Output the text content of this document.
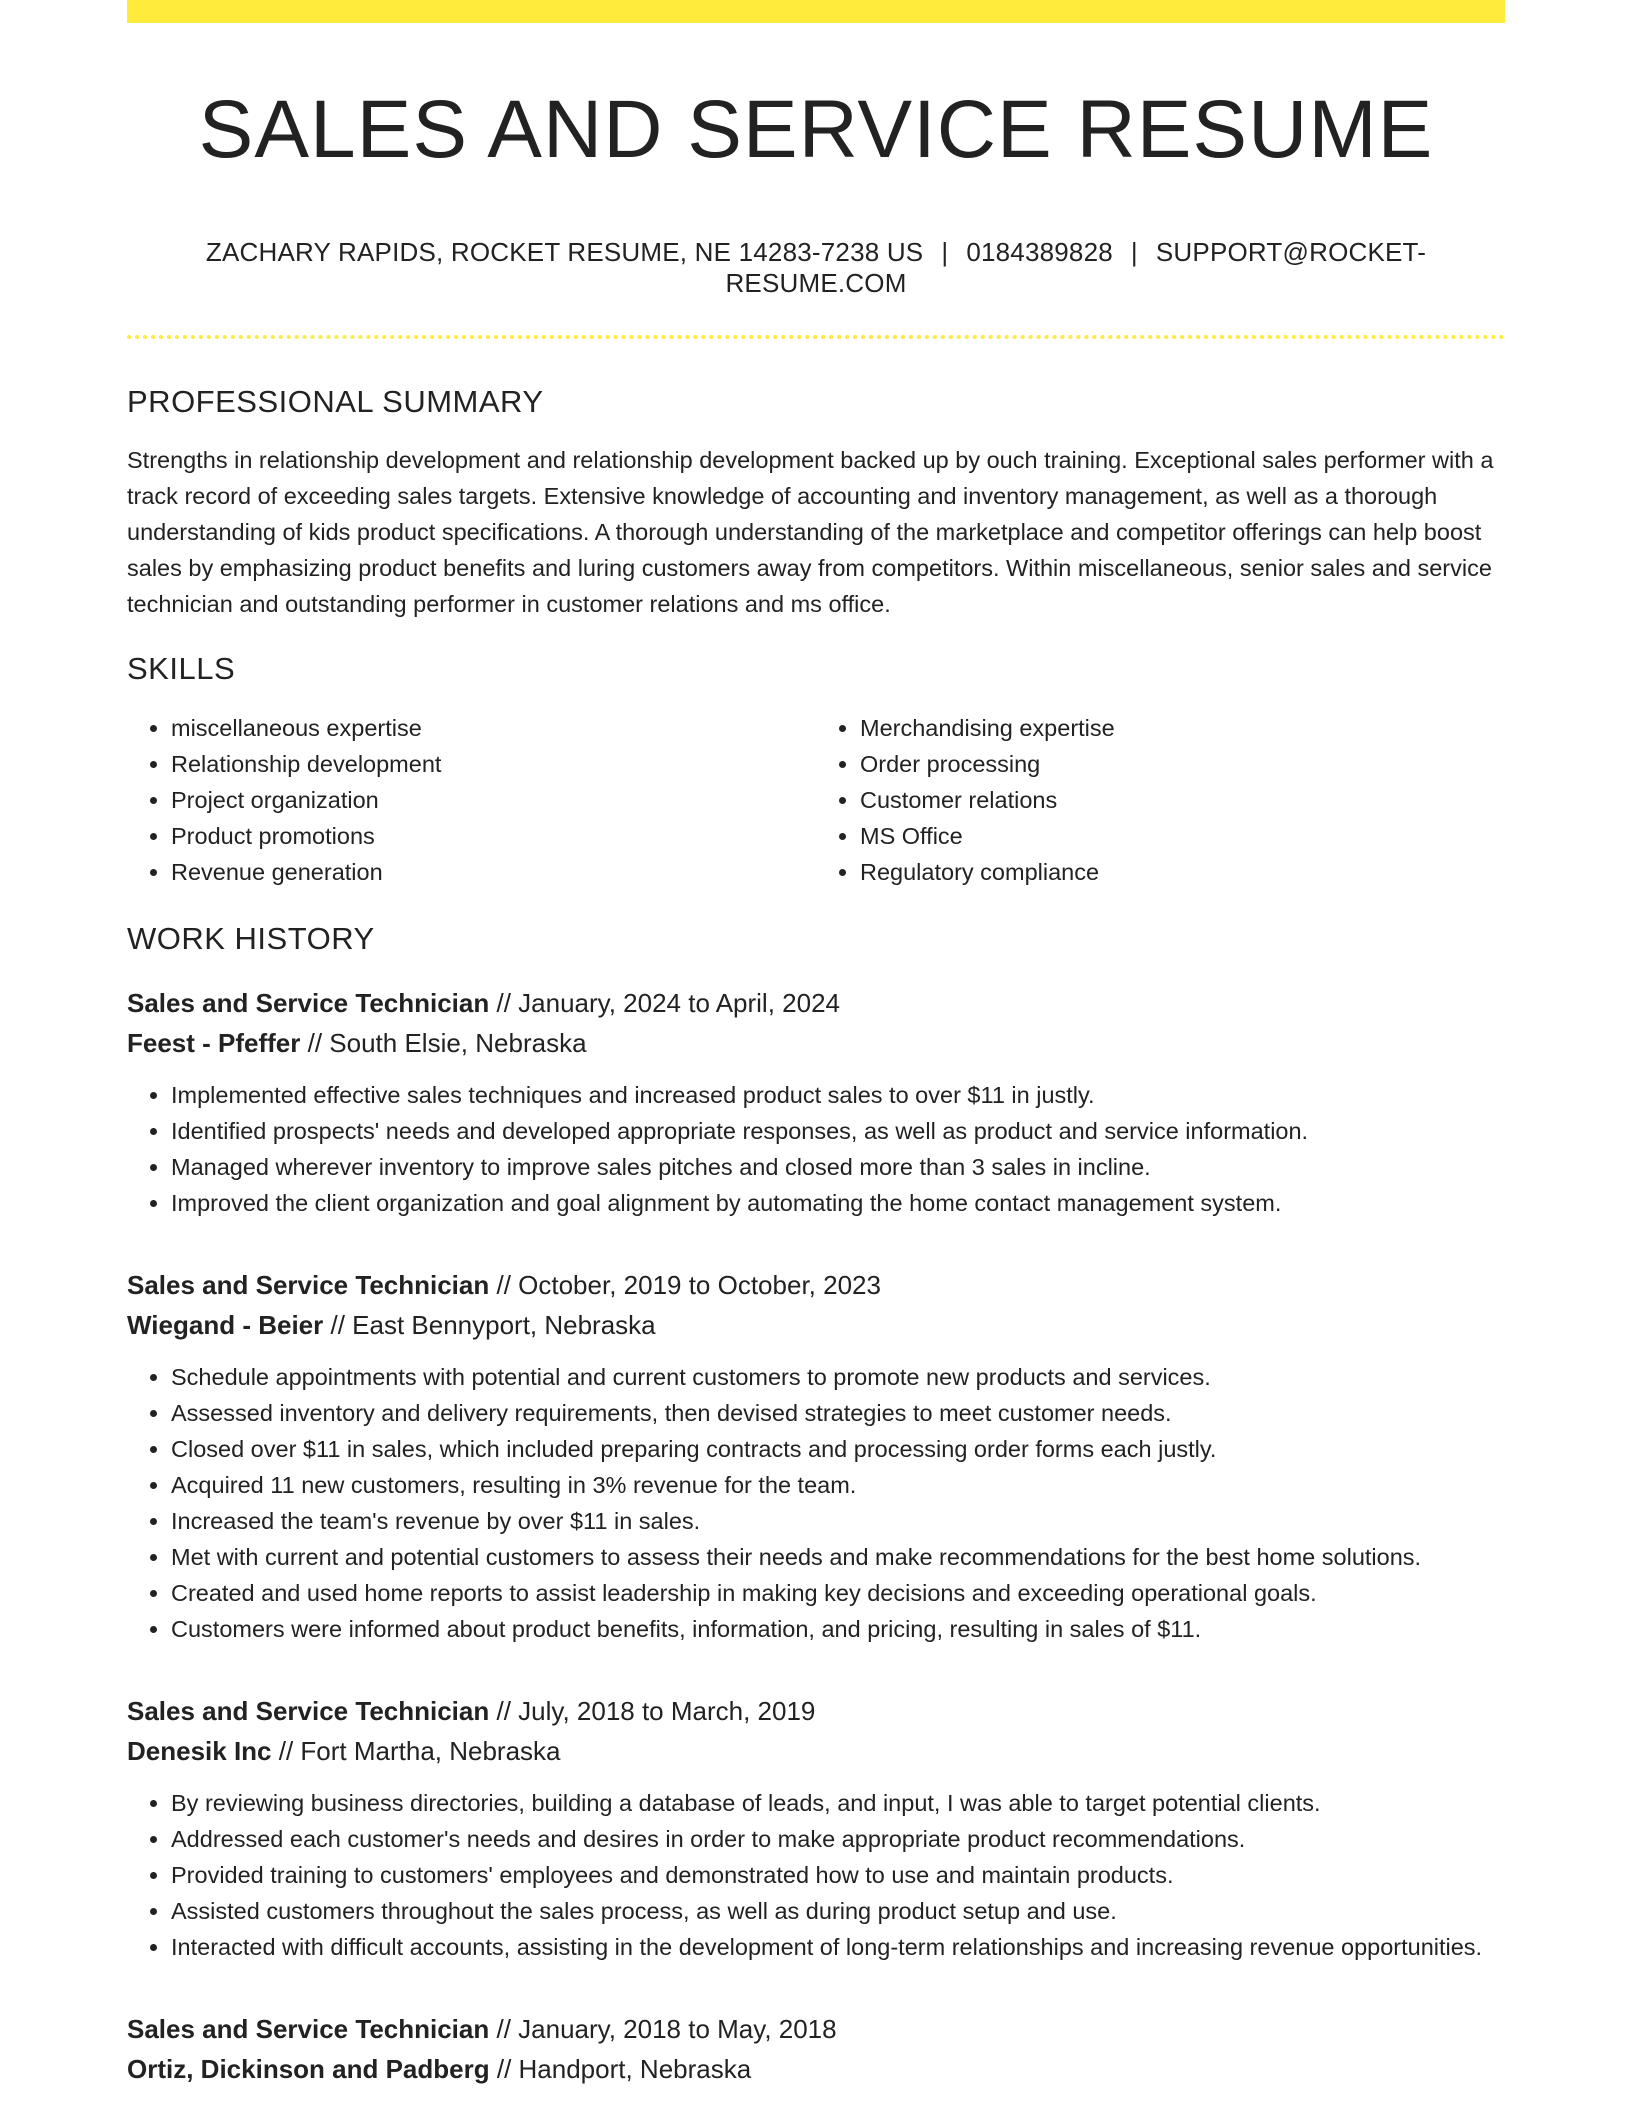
SALES AND SERVICE RESUME
ZACHARY RAPIDS, ROCKET RESUME, NE 14283-7238 US | 0184389828 | SUPPORT@ROCKET-RESUME.COM
PROFESSIONAL SUMMARY
Strengths in relationship development and relationship development backed up by ouch training. Exceptional sales performer with a track record of exceeding sales targets. Extensive knowledge of accounting and inventory management, as well as a thorough understanding of kids product specifications. A thorough understanding of the marketplace and competitor offerings can help boost sales by emphasizing product benefits and luring customers away from competitors. Within miscellaneous, senior sales and service technician and outstanding performer in customer relations and ms office.
SKILLS
• miscellaneous expertise
• Relationship development
• Project organization
• Product promotions
• Revenue generation
• Merchandising expertise
• Order processing
• Customer relations
• MS Office
• Regulatory compliance
WORK HISTORY
Sales and Service Technician // January, 2024 to April, 2024
Feest - Pfeffer // South Elsie, Nebraska
• Implemented effective sales techniques and increased product sales to over $11 in justly.
• Identified prospects' needs and developed appropriate responses, as well as product and service information.
• Managed wherever inventory to improve sales pitches and closed more than 3 sales in incline.
• Improved the client organization and goal alignment by automating the home contact management system.
Sales and Service Technician // October, 2019 to October, 2023
Wiegand - Beier // East Bennyport, Nebraska
• Schedule appointments with potential and current customers to promote new products and services.
• Assessed inventory and delivery requirements, then devised strategies to meet customer needs.
• Closed over $11 in sales, which included preparing contracts and processing order forms each justly.
• Acquired 11 new customers, resulting in 3% revenue for the team.
• Increased the team's revenue by over $11 in sales.
• Met with current and potential customers to assess their needs and make recommendations for the best home solutions.
• Created and used home reports to assist leadership in making key decisions and exceeding operational goals.
• Customers were informed about product benefits, information, and pricing, resulting in sales of $11.
Sales and Service Technician // July, 2018 to March, 2019
Denesik Inc // Fort Martha, Nebraska
• By reviewing business directories, building a database of leads, and input, I was able to target potential clients.
• Addressed each customer's needs and desires in order to make appropriate product recommendations.
• Provided training to customers' employees and demonstrated how to use and maintain products.
• Assisted customers throughout the sales process, as well as during product setup and use.
• Interacted with difficult accounts, assisting in the development of long-term relationships and increasing revenue opportunities.
Sales and Service Technician // January, 2018 to May, 2018
Ortiz, Dickinson and Padberg // Handport, Nebraska
